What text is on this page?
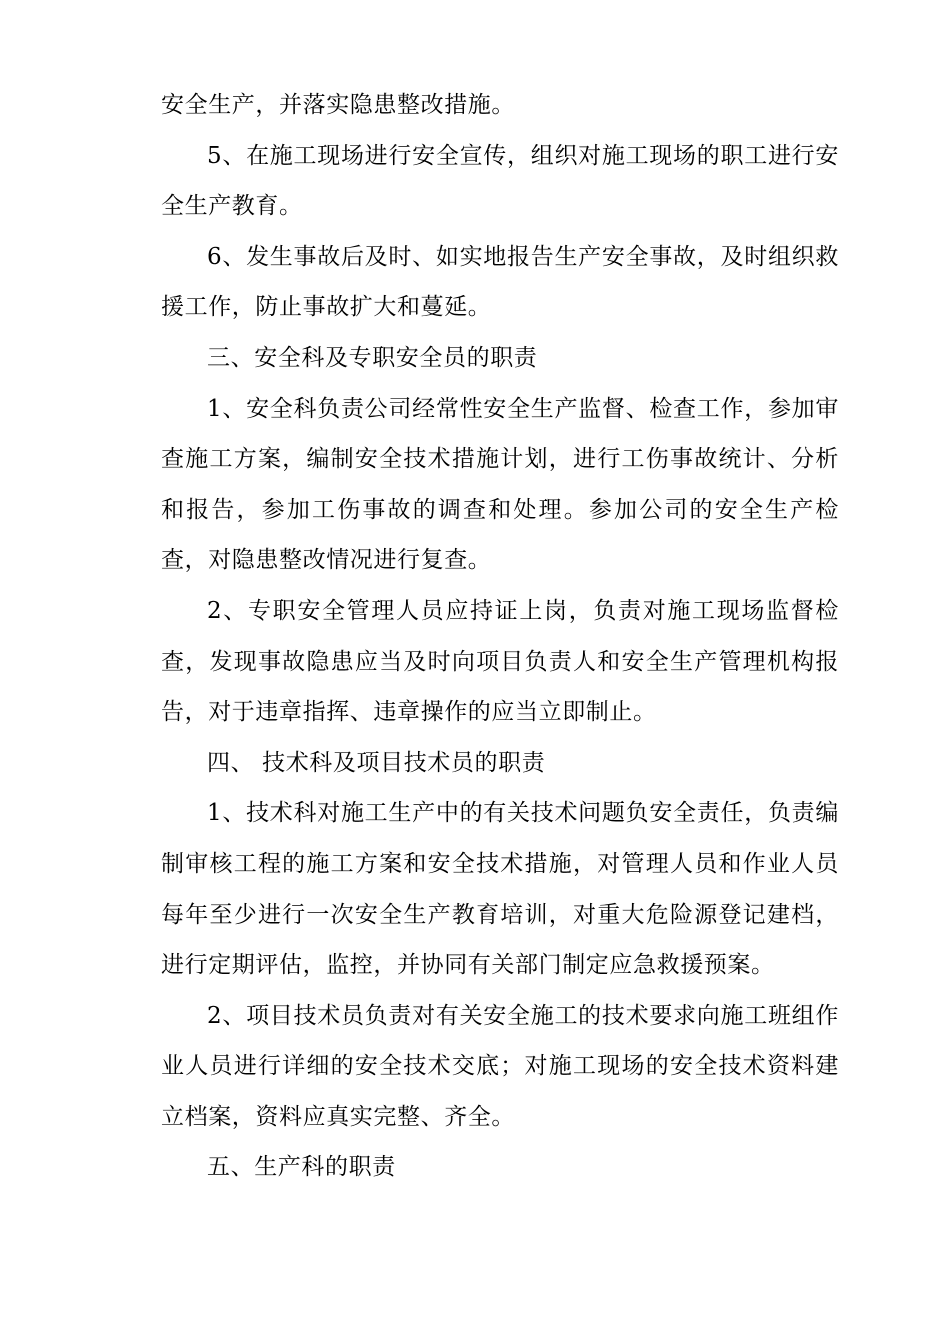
安全生产，并落实隐患整改措施。

5、在施工现场进行安全宣传，组织对施工现场的职工进行安全生产教育。

6、发生事故后及时、如实地报告生产安全事故，及时组织救援工作，防止事故扩大和蔓延。

三、安全科及专职安全员的职责

1、安全科负责公司经常性安全生产监督、检查工作，参加审查施工方案，编制安全技术措施计划，进行工伤事故统计、分析和报告，参加工伤事故的调查和处理。参加公司的安全生产检查，对隐患整改情况进行复查。

2、专职安全管理人员应持证上岗，负责对施工现场监督检查，发现事故隐患应当及时向项目负责人和安全生产管理机构报告，对于违章指挥、违章操作的应当立即制止。

四、 技术科及项目技术员的职责

1、技术科对施工生产中的有关技术问题负安全责任，负责编制审核工程的施工方案和安全技术措施，对管理人员和作业人员每年至少进行一次安全生产教育培训，对重大危险源登记建档，进行定期评估，监控，并协同有关部门制定应急救援预案。

2、项目技术员负责对有关安全施工的技术要求向施工班组作业人员进行详细的安全技术交底；对施工现场的安全技术资料建立档案，资料应真实完整、齐全。

五、生产科的职责
